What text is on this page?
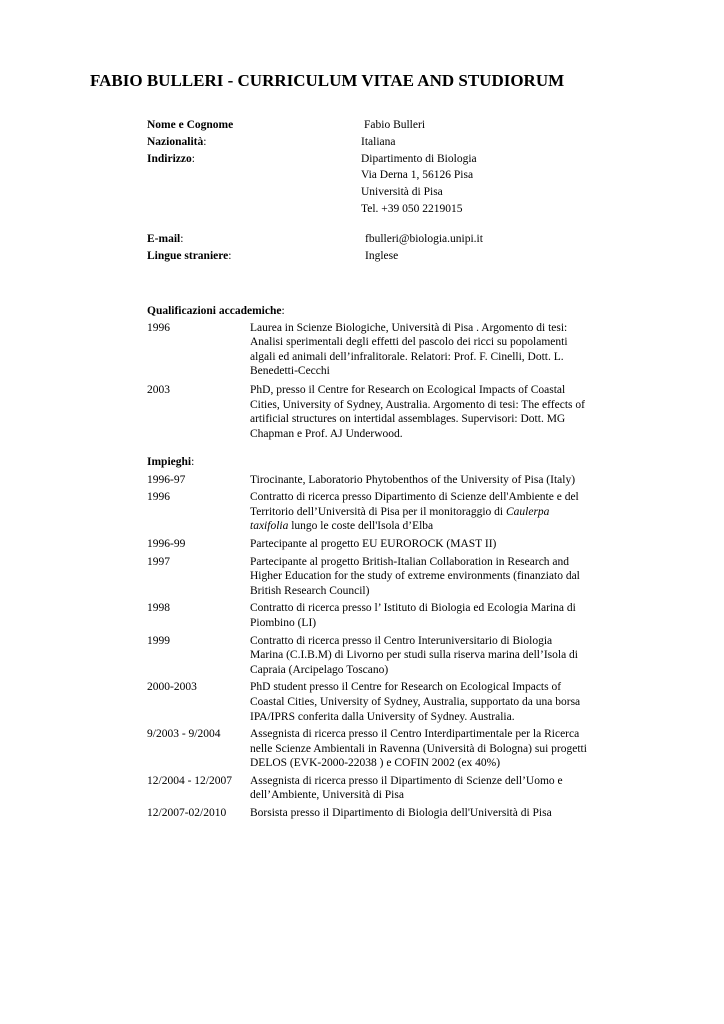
FABIO BULLERI - CURRICULUM VITAE AND STUDIORUM
Nome e Cognome	Fabio Bulleri
Nazionalità:	Italiana
Indirizzo:	Dipartimento di Biologia
Via Derna 1, 56126 Pisa
Università di Pisa
Tel. +39 050 2219015
E-mail:	fbulleri@biologia.unipi.it
Lingue straniere:	Inglese
Qualificazioni accademiche:
1996	Laurea in Scienze Biologiche, Università di Pisa . Argomento di tesi: Analisi sperimentali degli effetti del pascolo dei ricci su popolamenti algali ed animali dell’infralitorale. Relatori: Prof. F. Cinelli, Dott. L. Benedetti-Cecchi
2003	PhD, presso il Centre for Research on Ecological Impacts of Coastal Cities, University of Sydney, Australia. Argomento di tesi: The effects of artificial structures on intertidal assemblages. Supervisori: Dott. MG Chapman e Prof. AJ Underwood.
Impieghi:
1996-97	Tirocinante, Laboratorio Phytobenthos of the University of Pisa (Italy)
1996	Contratto di ricerca presso Dipartimento di Scienze dell'Ambiente e del Territorio dell’Università di Pisa per il monitoraggio di Caulerpa taxifolia lungo le coste dell'Isola d’Elba
1996-99	Partecipante al progetto EU EUROROCK (MAST II)
1997	Partecipante al progetto British-Italian Collaboration in Research and Higher Education for the study of extreme environments (finanziato dal British Research Council)
1998	Contratto di ricerca presso l’ Istituto di Biologia ed Ecologia Marina di Piombino (LI)
1999	Contratto di ricerca presso il Centro Interuniversitario di Biologia Marina (C.I.B.M) di Livorno per studi sulla riserva marina dell’Isola di Capraia (Arcipelago Toscano)
2000-2003	PhD student presso il Centre for Research on Ecological Impacts of Coastal Cities, University of Sydney, Australia, supportato da una borsa IPA/IPRS conferita dalla University of Sydney. Australia.
9/2003 - 9/2004	Assegnista di ricerca presso il Centro Interdipartimentale per la Ricerca nelle Scienze Ambientali in Ravenna (Università di Bologna) sui progetti DELOS (EVK-2000-22038 ) e COFIN 2002 (ex 40%)
12/2004 - 12/2007	Assegnista di ricerca presso il Dipartimento di Scienze dell’Uomo e dell’Ambiente, Università di Pisa
12/2007-02/2010	Borsista presso il Dipartimento di Biologia dell'Università di Pisa
